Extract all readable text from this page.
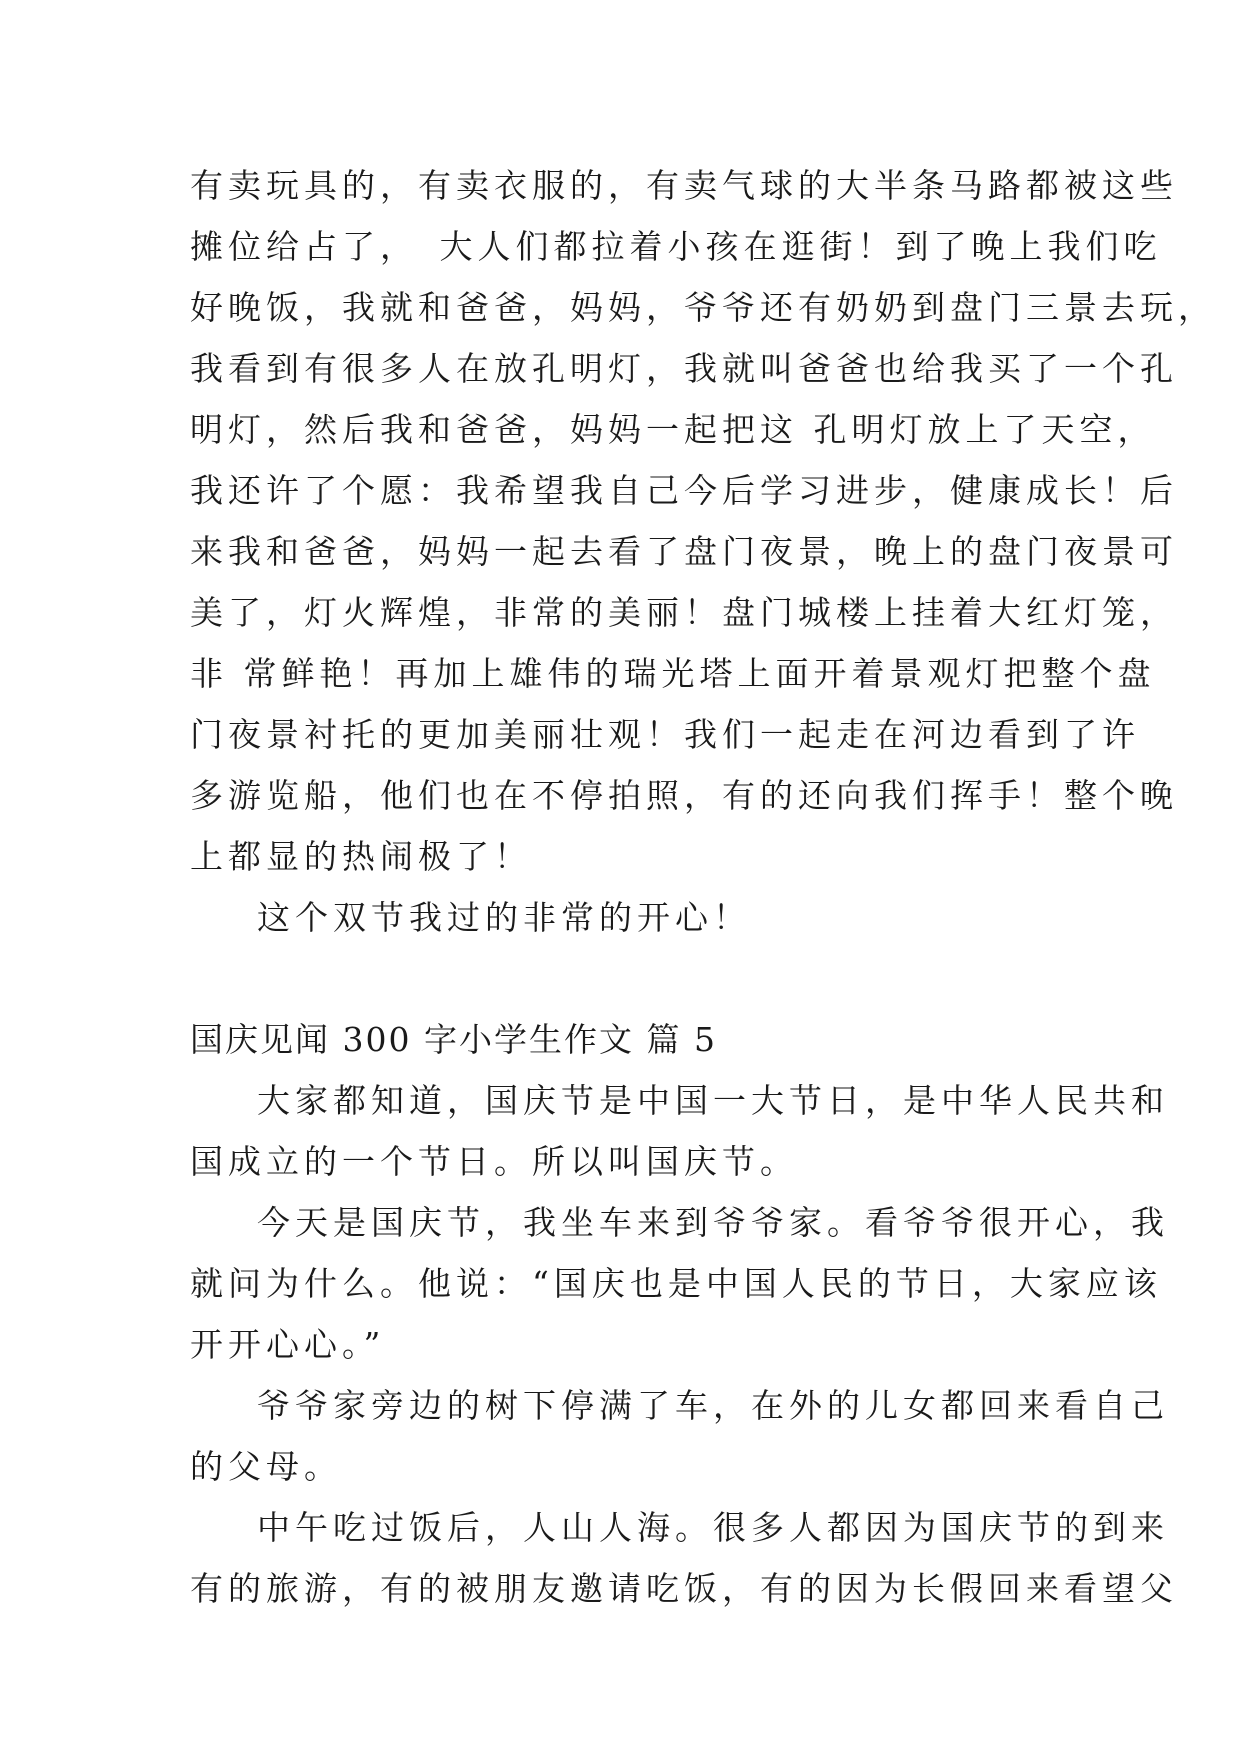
有卖玩具的，有卖衣服的，有卖气球的大半条马路都被这些
摊位给占了，　大人们都拉着小孩在逛街！到了晚上我们吃
好晚饭，我就和爸爸，妈妈，爷爷还有奶奶到盘门三景去玩，
我看到有很多人在放孔明灯，我就叫爸爸也给我买了一个孔
明灯，然后我和爸爸，妈妈一起把这 孔明灯放上了天空，
我还许了个愿：我希望我自己今后学习进步，健康成长！后
来我和爸爸，妈妈一起去看了盘门夜景，晚上的盘门夜景可
美了，灯火辉煌，非常的美丽！盘门城楼上挂着大红灯笼，
非 常鲜艳！再加上雄伟的瑞光塔上面开着景观灯把整个盘
门夜景衬托的更加美丽壮观！我们一起走在河边看到了许
多游览船，他们也在不停拍照，有的还向我们挥手！整个晚
上都显的热闹极了！
这个双节我过的非常的开心！
国庆见闻 300 字小学生作文 篇 5
大家都知道，国庆节是中国一大节日，是中华人民共和
国成立的一个节日。所以叫国庆节。
今天是国庆节，我坐车来到爷爷家。看爷爷很开心，我
就问为什么。他说：“国庆也是中国人民的节日，大家应该
开开心心。”
爷爷家旁边的树下停满了车，在外的儿女都回来看自己
的父母。
中午吃过饭后，人山人海。很多人都因为国庆节的到来
有的旅游，有的被朋友邀请吃饭，有的因为长假回来看望父
